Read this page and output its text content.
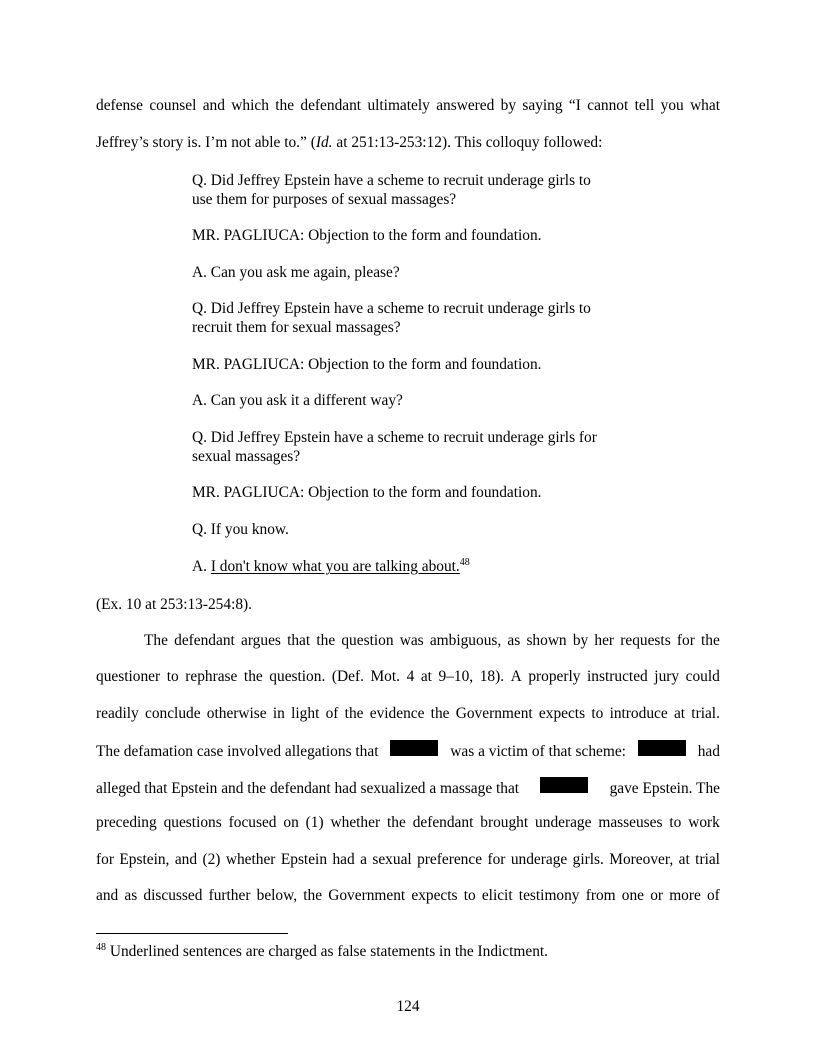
defense counsel and which the defendant ultimately answered by saying “I cannot tell you what
Jeffrey’s story is. I’m not able to.” (Id. at 251:13-253:12). This colloquy followed:
Q. Did Jeffrey Epstein have a scheme to recruit underage girls to
use them for purposes of sexual massages?
MR. PAGLIUCA: Objection to the form and foundation.
A. Can you ask me again, please?
Q. Did Jeffrey Epstein have a scheme to recruit underage girls to
recruit them for sexual massages?
MR. PAGLIUCA: Objection to the form and foundation.
A. Can you ask it a different way?
Q. Did Jeffrey Epstein have a scheme to recruit underage girls for
sexual massages?
MR. PAGLIUCA: Objection to the form and foundation.
Q. If you know.
A. I don't know what you are talking about.$^{48}$
(Ex. 10 at 253:13-254:8).
The defendant argues that the question was ambiguous, as shown by her requests for the
questioner to rephrase the question. (Def. Mot. 4 at 9–10, 18). A properly instructed jury could
readily conclude otherwise in light of the evidence the Government expects to introduce at trial.
The defamation case involved allegations that	was a victim of that scheme:	had
alleged that Epstein and the defendant had sexualized a massage that	gave Epstein. The
preceding questions focused on (1) whether the defendant brought underage masseuses to work
for Epstein, and (2) whether Epstein had a sexual preference for underage girls. Moreover, at trial
and as discussed further below, the Government expects to elicit testimony from one or more of
$^{48}$ Underlined sentences are charged as false statements in the Indictment.
124
